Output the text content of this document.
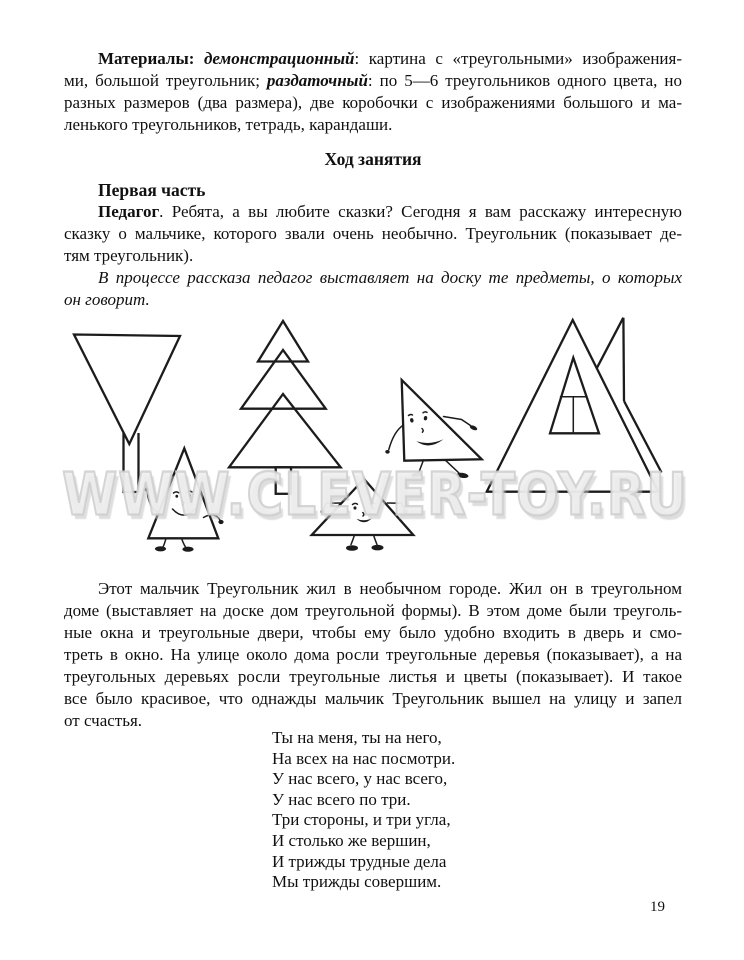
Материалы: демонстрационный: картина с «треугольными» изображения-
ми, большой треугольник; раздаточный: по 5—6 треугольников одного цвета, но
разных размеров (два размера), две коробочки с изображениями большого и ма-
ленького треугольников, тетрадь, карандаши.
Ход занятия
Первая часть
Педагог. Ребята, а вы любите сказки? Сегодня я вам расскажу интересную
сказку о мальчике, которого звали очень необычно. Треугольник (показывает де-
тям треугольник).
В процессе рассказа педагог выставляет на доску те предметы, о которых
он говорит.
WWW.CLEVER-TOY.RU
Этот мальчик Треугольник жил в необычном городе. Жил он в треугольном
доме (выставляет на доске дом треугольной формы). В этом доме были треуголь-
ные окна и треугольные двери, чтобы ему было удобно входить в дверь и смо-
треть в окно. На улице около дома росли треугольные деревья (показывает), а на
треугольных деревьях росли треугольные листья и цветы (показывает). И такое
все было красивое, что однажды мальчик Треугольник вышел на улицу и запел
от счастья.
Ты на меня, ты на него,
На всех на нас посмотри.
У нас всего, у нас всего,
У нас всего по три.
Три стороны, и три угла,
И столько же вершин,
И трижды трудные дела
Мы трижды совершим.
19
